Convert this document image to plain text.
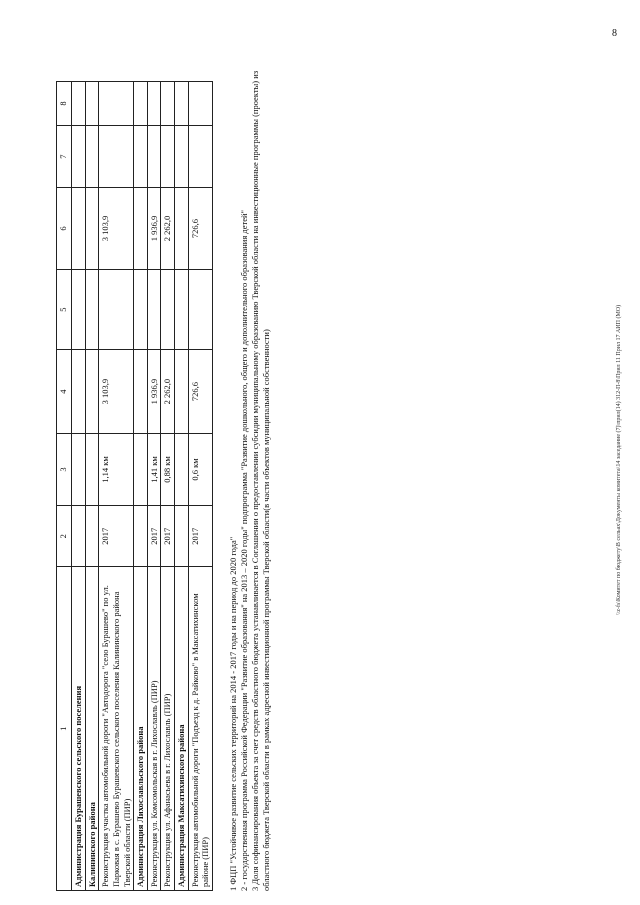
8
1	2	3	4	5	6	7	8
Администрация Бурашевского сельского поселения							
Калининского района							
Реконструкция участка автомобильной дороги "Автодорога "село Бурашево" по ул. Парковая в с. Бурашево Бурашевского сельского поселения Калининского района Тверской области (ПИР)	2017	1,14 км	3 103,9		3 103,9		
Администрация Лихославльского района							
Реконструкция ул. Комсомольская в г. Лихославль (ПИР)	2017	1,41 км	1 936,9		1 936,9		
Реконструкция ул. Афанасьева в г. Лихославль (ПИР)	2017	0,88 км	2 262,0		2 262,0		
Администрация Максатихинского района							
Реконструкция автомобильной дороги "Подъезд к д. Райково" в Максатихинском районе (ПИР)	2017	0,6 км	726,6		726,6		

1 ФЦП "Устойчивое развитие сельских территорий на 2014 - 2017 годы и на период до 2020 года" 2 - государственная программа Российской Федерации "Развитие образования" на 2013 – 2020 годы" подпрограмма "Развитие дошкольного, общего и дополнительного образования детей" 3 Доля софинансирования объекта за счет средств областного бюджета устанавливается в Соглашении о предоставлении субсидии муниципальному образованию Тверской области на инвестиционные программы (проекты) из областного бюджета Тверской области в рамках адресной инвестиционной программы Тверской области(в части объектов муниципальной собственности)	\\z-fs\Комитет по бюджету\В сельах\Документы комитета\14 заседание (7)\прил(14) 312-П-8\Прил 11 Прил 17 АИП (МО)
